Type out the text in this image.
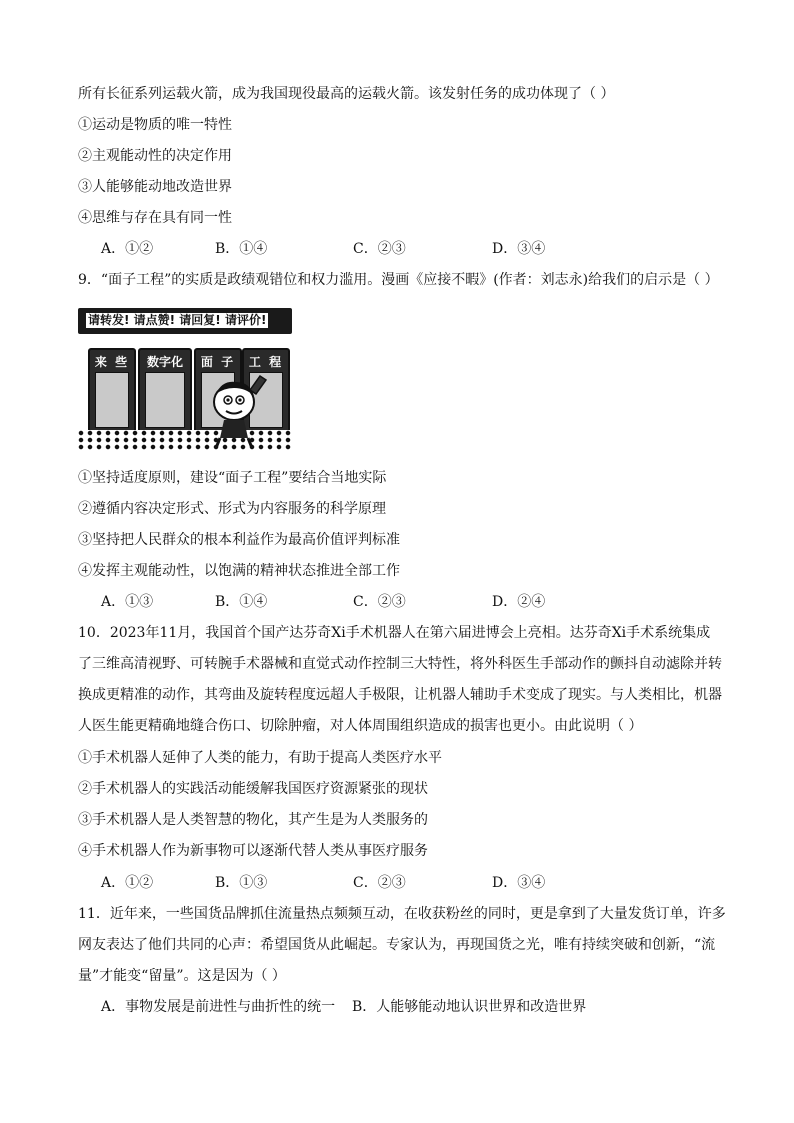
所有长征系列运载火箭，成为我国现役最高的运载火箭。该发射任务的成功体现了（ ）
①运动是物质的唯一特性
②主观能动性的决定作用
③人能够能动地改造世界
④思维与存在具有同一性
A．①②	B．①④	C．②③	D．③④
9．“面子工程”的实质是政绩观错位和权力滥用。漫画《应接不暇》(作者：刘志永)给我们的启示是（ ）
请转发! 请点赞! 请回复! 请评价!
来 些	数字化	面 子	工 程
①坚持适度原则，建设“面子工程”要结合当地实际
②遵循内容决定形式、形式为内容服务的科学原理
③坚持把人民群众的根本利益作为最高价值评判标准
④发挥主观能动性，以饱满的精神状态推进全部工作
A．①③	B．①④	C．②③	D．②④
10．2023年11月，我国首个国产达芬奇Xi手术机器人在第六届进博会上亮相。达芬奇Xi手术系统集成
了三维高清视野、可转腕手术器械和直觉式动作控制三大特性，将外科医生手部动作的颤抖自动滤除并转
换成更精准的动作，其弯曲及旋转程度远超人手极限，让机器人辅助手术变成了现实。与人类相比，机器
人医生能更精确地缝合伤口、切除肿瘤，对人体周围组织造成的损害也更小。由此说明（ ）
①手术机器人延伸了人类的能力，有助于提高人类医疗水平
②手术机器人的实践活动能缓解我国医疗资源紧张的现状
③手术机器人是人类智慧的物化，其产生是为人类服务的
④手术机器人作为新事物可以逐渐代替人类从事医疗服务
A．①②	B．①③	C．②③	D．③④
11．近年来，一些国货品牌抓住流量热点频频互动，在收获粉丝的同时，更是拿到了大量发货订单，许多
网友表达了他们共同的心声：希望国货从此崛起。专家认为，再现国货之光，唯有持续突破和创新，“流
量”才能变“留量”。这是因为（ ）
A．事物发展是前进性与曲折性的统一 B．人能够能动地认识世界和改造世界
